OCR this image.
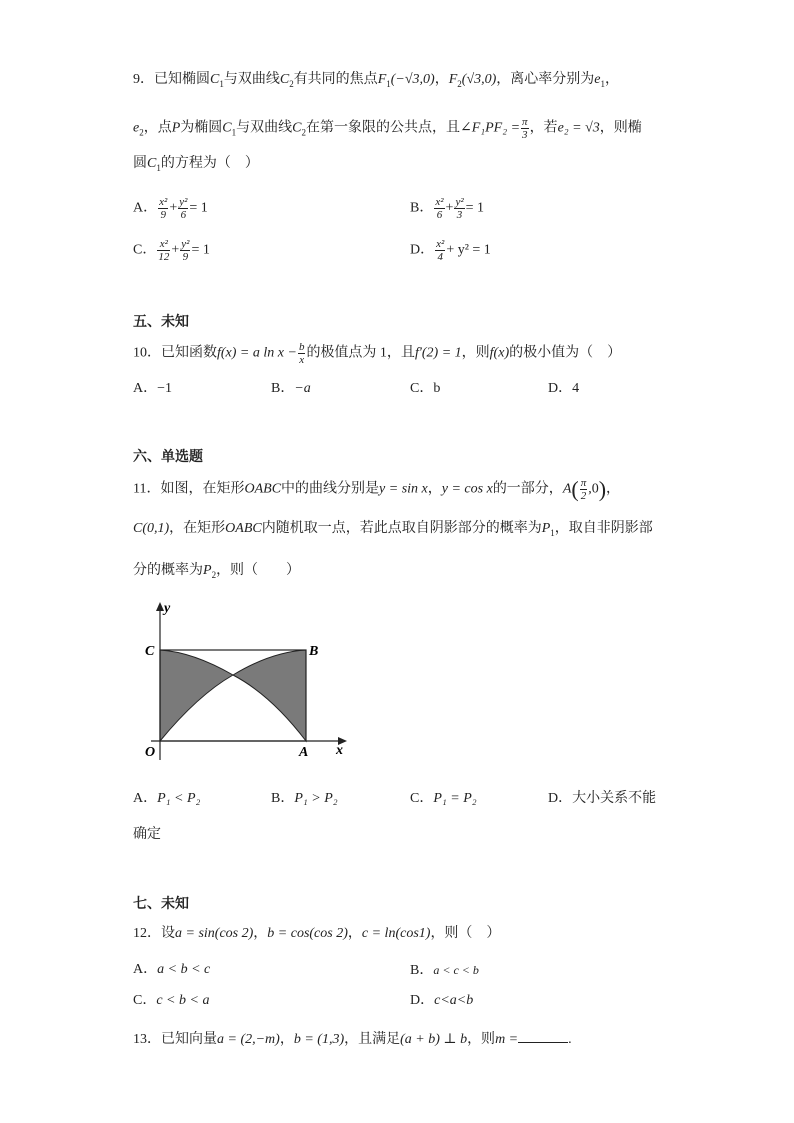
9．已知椭圆$C_1$与双曲线$C_2$有共同的焦点$F_1(-√3,0)$，$F_2(√3,0)$，离心率分别为$e_1$，
$e_2$，点P为椭圆$C_1$与双曲线$C_2$在第一象限的公共点，且∠F₁PF₂ = $\frac{\pi}{3}$ ，若e₂ = √3，则椭
圆$C_1$的方程为（　）
A． $\frac{\text{x²}}{9} + \frac{\text{y²}}{6} = 1$	B． $\frac{\text{x²}}{6} + \frac{\text{y²}}{3} = 1$
C． $\frac{\text{x²}}{12} + \frac{\text{y²}}{9} = 1$	D． $\frac{\text{x²}}{4} + y^2 = 1$
五、未知
10．已知函数f(x) = a $\ln x - \frac{b}{x}$ 的极值点为 1，且f′(2) = 1，则f(x)的极小值为（　）
A．−1	B．−a	C．b	D．4
六、单选题
11．如图，在矩形OABC中的曲线分别是y = sin x，y = cos x的一部分，$A( \frac{\pi}{2} ,0)$，
C(0,1)，在矩形OABC内随机取一点，若此点取自阴影部分的概率为$P_1$，取自非阴影部
分的概率为$P_2$，则（　　）
y
x
C	B
O	A
A．P₁ < P₂	B．P₁ > P₂	C．P₁ = P₂	D．大小关系不能
确定
七、未知
12．设a = sin(cos 2)，b = cos(cos 2)，c = ln(cos1)，则（　）
A．a < b < c	B．a < c < b
C．c < b < a	D．c<a<b
13．已知向量a = (2,−m)，b = (1,3)，且满足(a + b) ⊥ b，则m =	.
